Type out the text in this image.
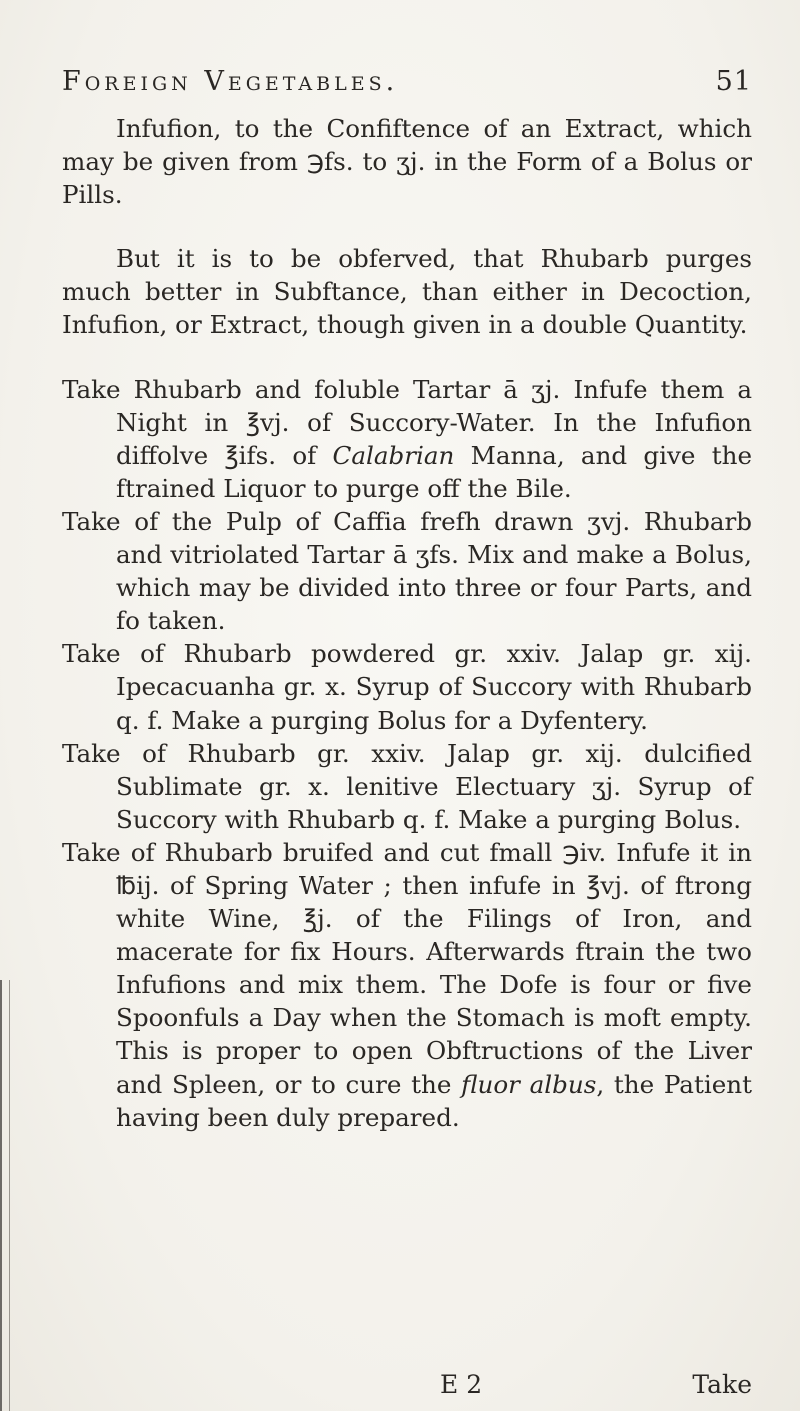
Foreign Vegetables.	51

Infufion, to the Confiftence of an Extract, which may be given from ℈fs. to ʒj. in the Form of a Bolus or Pills.

But it is to be obferved, that Rhubarb purges much better in Subftance, than either in Decoction, Infufion, or Extract, though given in a double Quantity.

Take Rhubarb and foluble Tartar ā ʒj. Infufe them a Night in ℥vj. of Succory-Water. In the Infufion diffolve ℥ifs. of Calabrian Manna, and give the ftrained Liquor to purge off the Bile.

Take of the Pulp of Caffia frefh drawn ʒvj. Rhubarb and vitriolated Tartar ā ʒfs. Mix and make a Bolus, which may be divided into three or four Parts, and fo taken.

Take of Rhubarb powdered gr. xxiv. Jalap gr. xij. Ipecacuanha gr. x. Syrup of Succory with Rhubarb q. f. Make a purging Bolus for a Dyfentery.

Take of Rhubarb gr. xxiv. Jalap gr. xij. dulcified Sublimate gr. x. lenitive Electuary ʒj. Syrup of Succory with Rhubarb q. f. Make a purging Bolus.

Take of Rhubarb bruifed and cut fmall ℈iv. Infufe it in ℔ij. of Spring Water ; then infufe in ℥vj. of ftrong white Wine, ℥j. of the Filings of Iron, and macerate for fix Hours. Afterwards ftrain the two Infufions and mix them. The Dofe is four or five Spoonfuls a Day when the Stomach is moft empty. This is proper to open Obftructions of the Liver and Spleen, or to cure the fluor albus, the Patient having been duly prepared.

E 2	Take
